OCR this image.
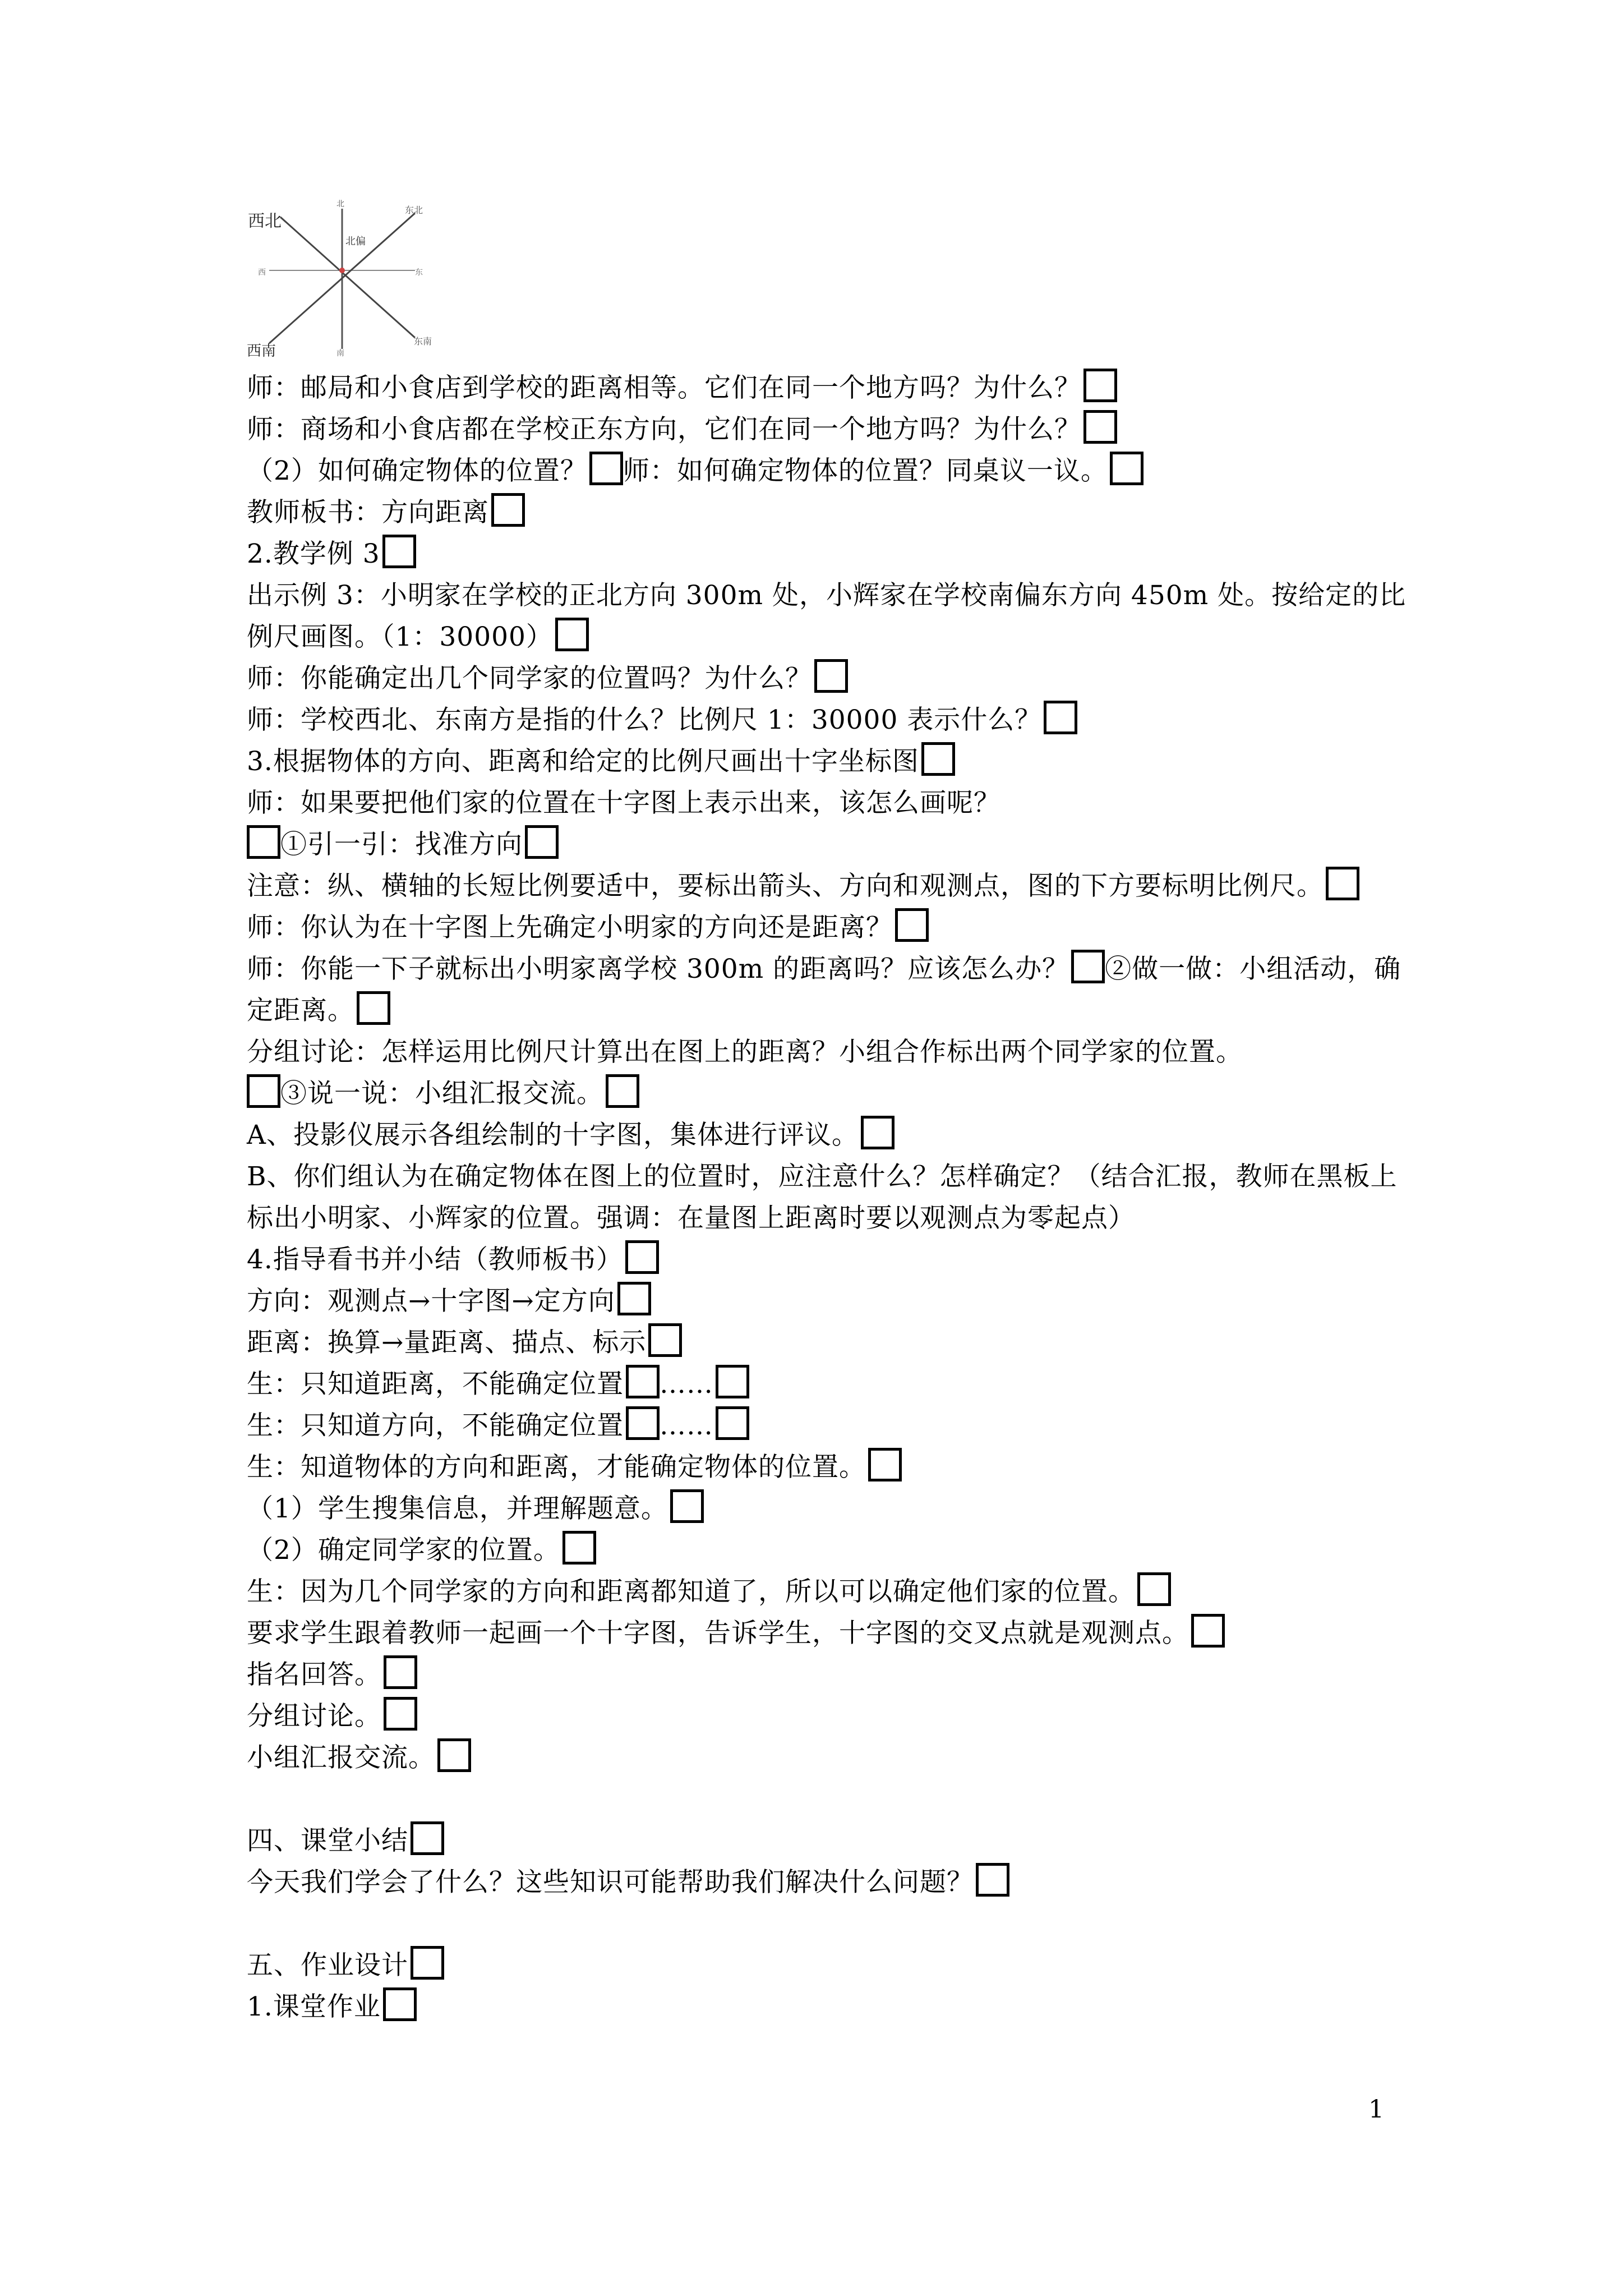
西北
北
东北
北偏
西	东
西南	南
东南
师：邮局和小食店到学校的距离相等。它们在同一个地方吗？为什么？
师：商场和小食店都在学校正东方向，它们在同一个地方吗？为什么？
（2）如何确定物体的位置？ 师：如何确定物体的位置？同桌议一议。
教师板书：方向距离
2.教学例 3
出示例 3：小明家在学校的正北方向 300m 处，小辉家在学校南偏东方向 450m 处。按给定的比例尺画图。（1：30000）
师：你能确定出几个同学家的位置吗？为什么？
师：学校西北、东南方是指的什么？比例尺 1：30000 表示什么？
3.根据物体的方向、距离和给定的比例尺画出十字坐标图
师：如果要把他们家的位置在十字图上表示出来，该怎么画呢？
①引一引：找准方向
注意：纵、横轴的长短比例要适中，要标出箭头、方向和观测点，图的下方要标明比例尺。
师：你认为在十字图上先确定小明家的方向还是距离？
师：你能一下子就标出小明家离学校 300m 的距离吗？应该怎么办？ ②做一做：小组活动，确定距离。
分组讨论：怎样运用比例尺计算出在图上的距离？小组合作标出两个同学家的位置。
③说一说：小组汇报交流。
A、投影仪展示各组绘制的十字图，集体进行评议。
B、你们组认为在确定物体在图上的位置时，应注意什么？怎样确定？（结合汇报，教师在黑板上标出小明家、小辉家的位置。强调：在量图上距离时要以观测点为零起点）
4.指导看书并小结（教师板书）
方向：观测点→十字图→定方向
距离：换算→量距离、描点、标示
生：只知道距离，不能确定位置 ……
生：只知道方向，不能确定位置 ……
生：知道物体的方向和距离，才能确定物体的位置。
（1）学生搜集信息，并理解题意。
（2）确定同学家的位置。
生：因为几个同学家的方向和距离都知道了，所以可以确定他们家的位置。
要求学生跟着教师一起画一个十字图，告诉学生，十字图的交叉点就是观测点。
指名回答。
分组讨论。
小组汇报交流。
四、课堂小结
今天我们学会了什么？这些知识可能帮助我们解决什么问题？
五、作业设计
1.课堂作业
1
